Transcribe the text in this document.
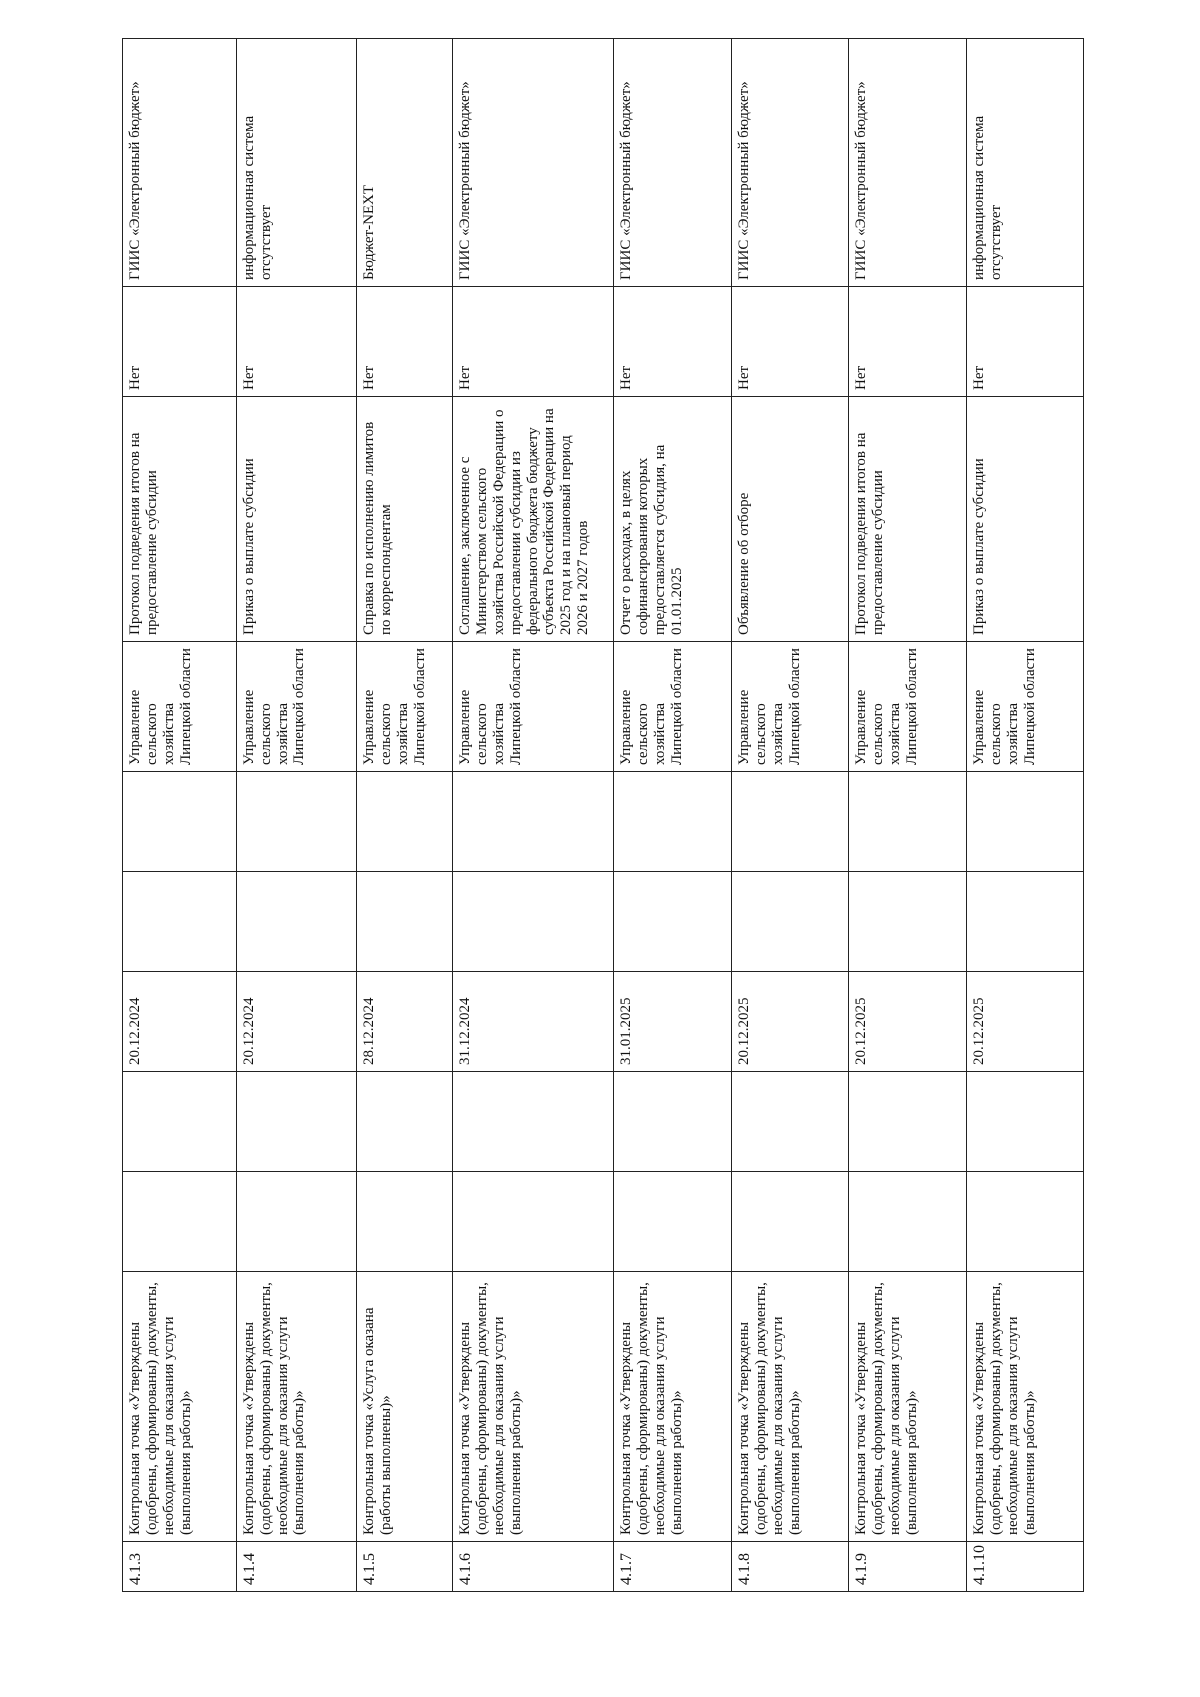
4.1.3	Контрольная точка «Утверждены (одобрены, сформированы) документы, необходимые для оказания услуги (выполнения работы)»			20.12.2024			Управление сельского хозяйства Липецкой области	Протокол подведения итогов на предоставление субсидии	Нет	ГИИС «Электронный бюджет»
4.1.4	Контрольная точка «Утверждены (одобрены, сформированы) документы, необходимые для оказания услуги (выполнения работы)»			20.12.2024			Управление сельского хозяйства Липецкой области	Приказ о выплате субсидии	Нет	информационная система отсутствует
4.1.5	Контрольная точка «Услуга оказана (работы выполнены)»			28.12.2024			Управление сельского хозяйства Липецкой области	Справка по исполнению лимитов по корреспондентам	Нет	Бюджет-NEXT
4.1.6	Контрольная точка «Утверждены (одобрены, сформированы) документы, необходимые для оказания услуги (выполнения работы)»			31.12.2024			Управление сельского хозяйства Липецкой области	Соглашение, заключенное с Министерством сельского хозяйства Российской Федерации о предоставлении субсидии из федерального бюджета бюджету субъекта Российской Федерации на 2025 год и на плановый период 2026 и 2027 годов	Нет	ГИИС «Электронный бюджет»
4.1.7	Контрольная точка «Утверждены (одобрены, сформированы) документы, необходимые для оказания услуги (выполнения работы)»			31.01.2025			Управление сельского хозяйства Липецкой области	Отчет о расходах, в целях софинансирования которых предоставляется субсидия, на 01.01.2025	Нет	ГИИС «Электронный бюджет»
4.1.8	Контрольная точка «Утверждены (одобрены, сформированы) документы, необходимые для оказания услуги (выполнения работы)»			20.12.2025			Управление сельского хозяйства Липецкой области	Объявление об отборе	Нет	ГИИС «Электронный бюджет»
4.1.9	Контрольная точка «Утверждены (одобрены, сформированы) документы, необходимые для оказания услуги (выполнения работы)»			20.12.2025			Управление сельского хозяйства Липецкой области	Протокол подведения итогов на предоставление субсидии	Нет	ГИИС «Электронный бюджет»
4.1.10	Контрольная точка «Утверждены (одобрены, сформированы) документы, необходимые для оказания услуги (выполнения работы)»			20.12.2025			Управление сельского хозяйства Липецкой области	Приказ о выплате субсидии	Нет	информационная система отсутствует
